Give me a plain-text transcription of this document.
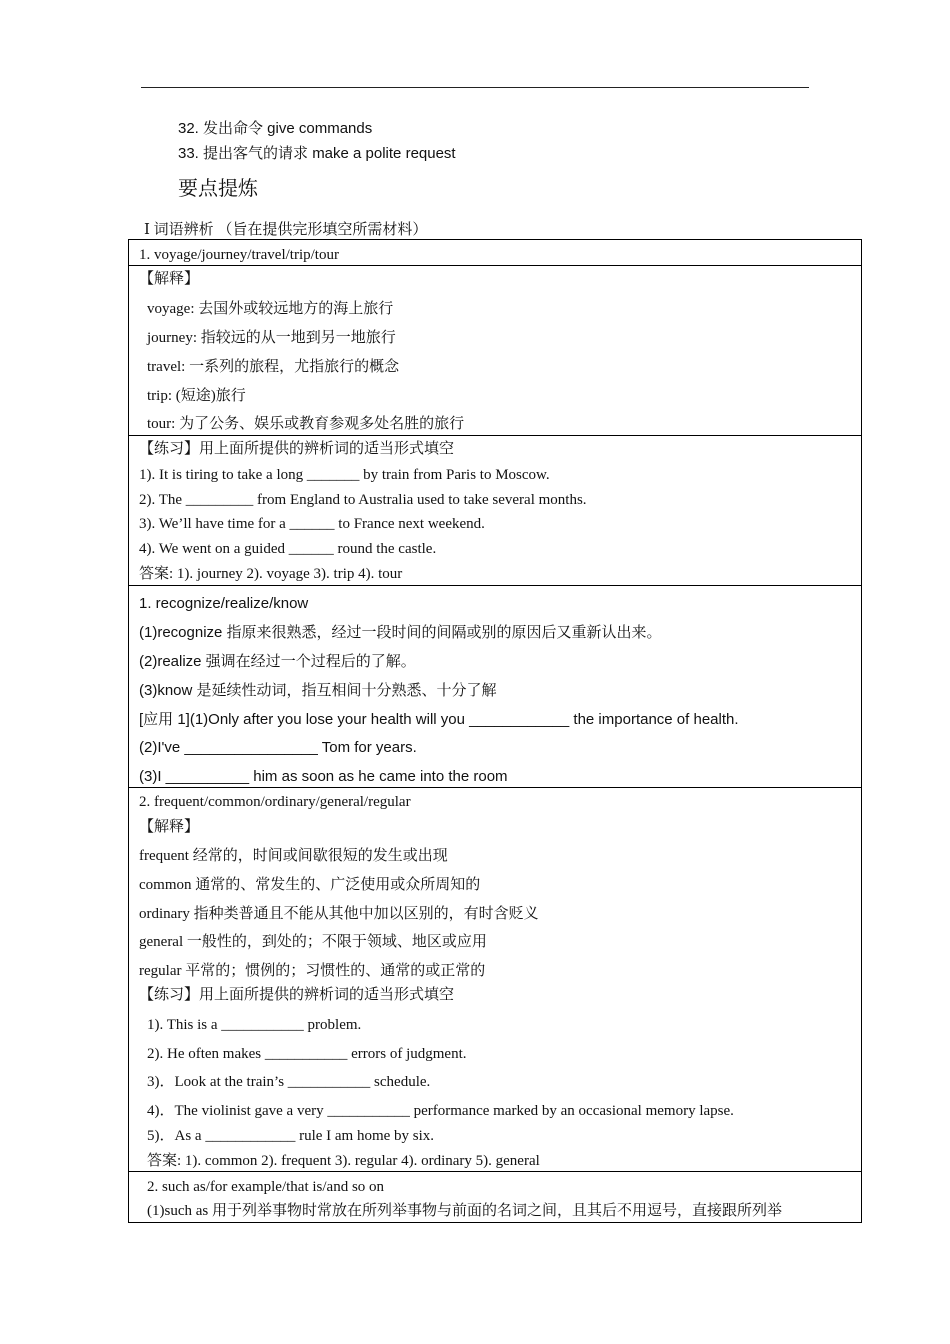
32. 发出命令 give commands
33. 提出客气的请求 make a polite request
要点提炼
Ⅰ 词语辨析 （旨在提供完形填空所需材料）
1. voyage/journey/travel/trip/tour
【解释】
voyage: 去国外或较远地方的海上旅行
journey: 指较远的从一地到另一地旅行
travel: 一系列的旅程，尤指旅行的概念
trip: (短途)旅行
tour: 为了公务、娱乐或教育参观多处名胜的旅行
【练习】用上面所提供的辨析词的适当形式填空
1). It is tiring to take a long _______ by train from Paris to Moscow.
2). The _________ from England to Australia used to take several months.
3). We’ll have time for a ______ to France next weekend.
4). We went on a guided ______ round the castle.
答案: 1). journey 2). voyage 3). trip 4). tour
1. recognize/realize/know
(1)recognize 指原来很熟悉，经过一段时间的间隔或别的原因后又重新认出来。
(2)realize 强调在经过一个过程后的了解。
(3)know 是延续性动词，指互相间十分熟悉、十分了解
[应用 1](1)Only after you lose your health will you ____________ the importance of health.
(2)I've ________________ Tom for years.
(3)I __________ him as soon as he came into the room
2. frequent/common/ordinary/general/regular
【解释】
frequent 经常的，时间或间歇很短的发生或出现
common 通常的、常发生的、广泛使用或众所周知的
ordinary 指种类普通且不能从其他中加以区别的，有时含贬义
general 一般性的，到处的；不限于领域、地区或应用
regular 平常的；惯例的；习惯性的、通常的或正常的
【练习】用上面所提供的辨析词的适当形式填空
1). This is a ___________ problem.
2). He often makes ___________ errors of judgment.
3)．Look at the train’s ___________ schedule.
4)．The violinist gave a very ___________ performance marked by an occasional memory lapse.
5)．As a ____________ rule I am home by six.
答案: 1). common 2). frequent 3). regular 4). ordinary 5). general
2. such as/for example/that is/and so on
(1)such as 用于列举事物时常放在所列举事物与前面的名词之间，且其后不用逗号，直接跟所列举
